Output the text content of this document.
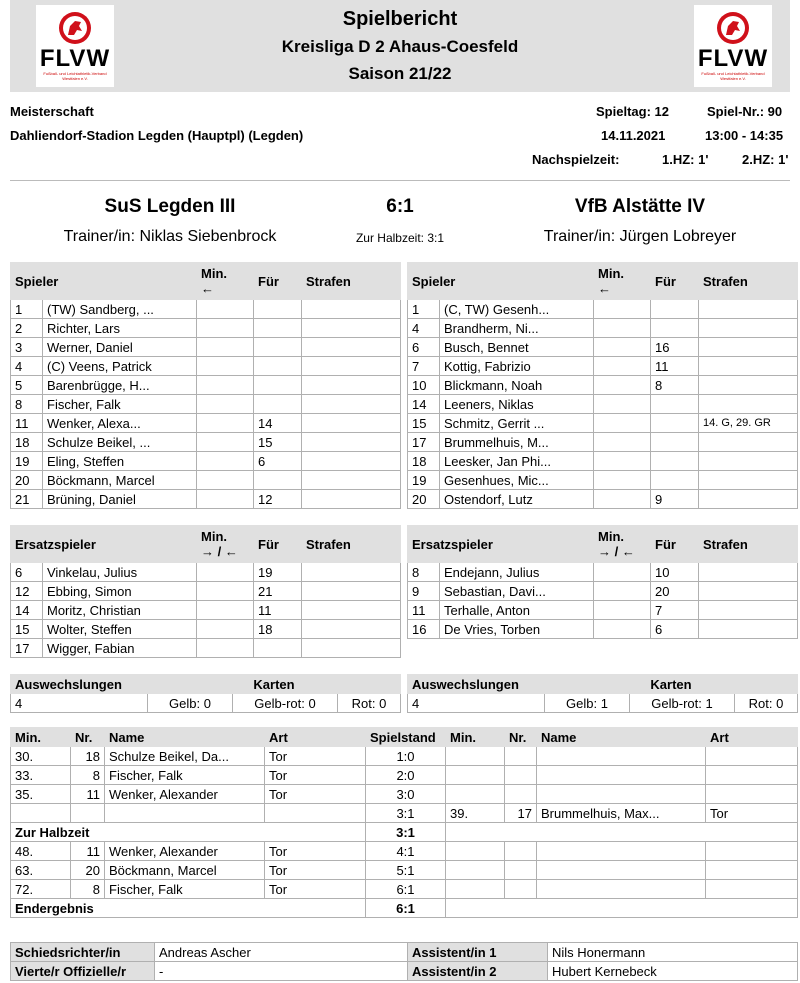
FLVW
Fußball- und Leichtathletik-Verband Westfalen e.V.
FLVW
Fußball- und Leichtathletik-Verband Westfalen e.V.
Spielbericht
Kreisliga D 2 Ahaus-Coesfeld
Saison 21/22
Meisterschaft
Dahliendorf-Stadion Legden (Hauptpl) (Legden)
Spieltag: 12	Spiel-Nr.: 90
14.11.2021	13:00 - 14:35
Nachspielzeit:	1.HZ: 1'	2.HZ: 1'
SuS Legden III	6:1	VfB Alstätte IV
Trainer/in: Niklas Siebenbrock	Zur Halbzeit: 3:1	Trainer/in: Jürgen Lobreyer
Spieler		Min.
←	Für	Strafen
1	(TW) Sandberg, ...			
2	Richter, Lars			
3	Werner, Daniel			
4	(C) Veens, Patrick			
5	Barenbrügge, H...			
8	Fischer, Falk			
11	Wenker, Alexa...		14	
18	Schulze Beikel, ...		15	
19	Eling, Steffen		6	
20	Böckmann, Marcel			
21	Brüning, Daniel		12	
Spieler		Min.
←	Für	Strafen
1	(C, TW) Gesenh...			
4	Brandherm, Ni...			
6	Busch, Bennet		16	
7	Kottig, Fabrizio		11	
10	Blickmann, Noah		8	
14	Leeners, Niklas			
15	Schmitz, Gerrit ...			14. G, 29. GR
17	Brummelhuis, M...			
18	Leesker, Jan Phi...			
19	Gesenhues, Mic...			
20	Ostendorf, Lutz		9	
Ersatzspieler		Min.
→ / ←	Für	Strafen
6	Vinkelau, Julius		19	
12	Ebbing, Simon		21	
14	Moritz, Christian		11	
15	Wolter, Steffen		18	
17	Wigger, Fabian			
Ersatzspieler		Min.
→ / ←	Für	Strafen
8	Endejann, Julius		10	
9	Sebastian, Davi...		20	
11	Terhalle, Anton		7	
16	De Vries, Torben		6	
Auswechslungen	Karten		
4	Gelb: 0	Gelb-rot: 0	Rot: 0
Auswechslungen	Karten		
4	Gelb: 1	Gelb-rot: 1	Rot: 0
Min.	Nr.	Name	Art	Spielstand	Min.	Nr.	Name	Art
30.	18	Schulze Beikel, Da...	Tor	1:0				
33.	8	Fischer, Falk	Tor	2:0				
35.	11	Wenker, Alexander	Tor	3:0				
				3:1	39.	17	Brummelhuis, Max...	Tor
Zur Halbzeit				3:1				
48.	11	Wenker, Alexander	Tor	4:1				
63.	20	Böckmann, Marcel	Tor	5:1				
72.	8	Fischer, Falk	Tor	6:1				
Endergebnis				6:1				
Schiedsrichter/in	Andreas Ascher	Assistent/in 1	Nils Honermann
Vierte/r Offizielle/r	-	Assistent/in 2	Hubert Kernebeck
